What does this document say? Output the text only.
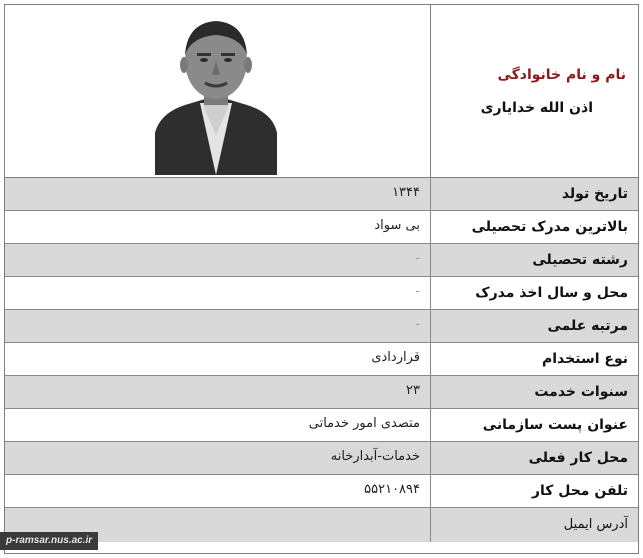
نام و نام خانوادگی
اذن الله خدایاری
تاریخ تولد
۱۳۴۴
بالاترین مدرک تحصیلی
بی سواد
رشته تحصیلی
-
محل و سال اخذ مدرک
-
مرتبه علمی
-
نوع استخدام
قراردادی
سنوات خدمت
۲۳
عنوان پست سازمانی
متصدی امور خدماتی
محل کار فعلی
خدمات-آبدارخانه
تلفن محل کار
۵۵۲۱۰۸۹۴
آدرس ایمیل
p-ramsar.nus.ac.ir
